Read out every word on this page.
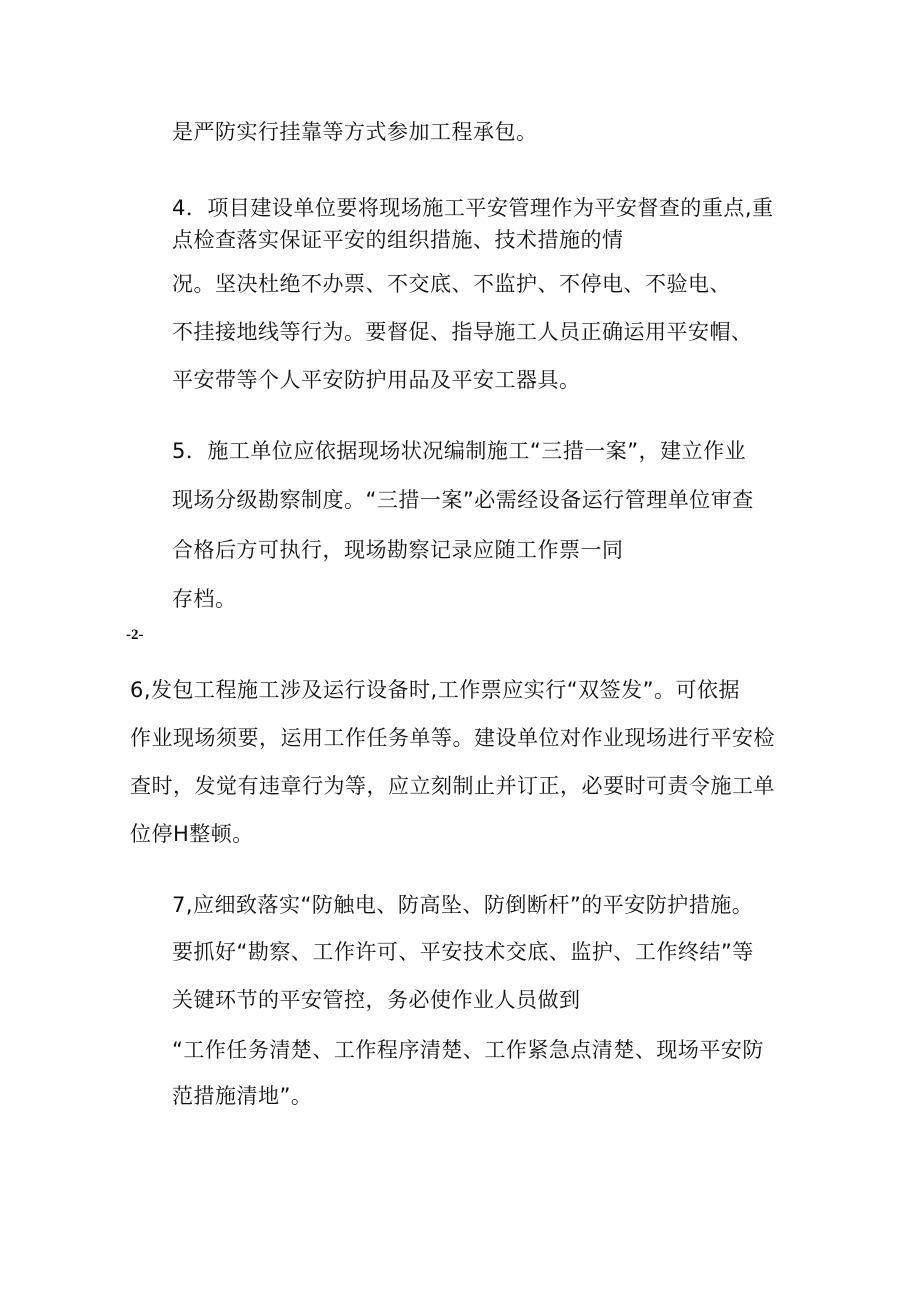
是严防实行挂靠等方式参加工程承包。
4．项目建设单位要将现场施工平安管理作为平安督查的重点,重
点检查落实保证平安的组织措施、技术措施的情
况。坚决杜绝不办票、不交底、不监护、不停电、不验电、
不挂接地线等行为。要督促、指导施工人员正确运用平安帽、
平安带等个人平安防护用品及平安工器具。
5．施工单位应依据现场状况编制施工“三措一案”，建立作业
现场分级勘察制度。“三措一案”必需经设备运行管理单位审查
合格后方可执行，现场勘察记录应随工作票一同
存档。
-2-
6,发包工程施工涉及运行设备时,工作票应实行“双签发”。可依据
作业现场须要，运用工作任务单等。建设单位对作业现场进行平安检
查时，发觉有违章行为等，应立刻制止并订正，必要时可责令施工单
位停H整顿。
7,应细致落实“防触电、防高坠、防倒断杆”的平安防护措施。
要抓好“勘察、工作许可、平安技术交底、监护、工作终结”等
关键环节的平安管控，务必使作业人员做到
“工作任务清楚、工作程序清楚、工作紧急点清楚、现场平安防
范措施清地”。
